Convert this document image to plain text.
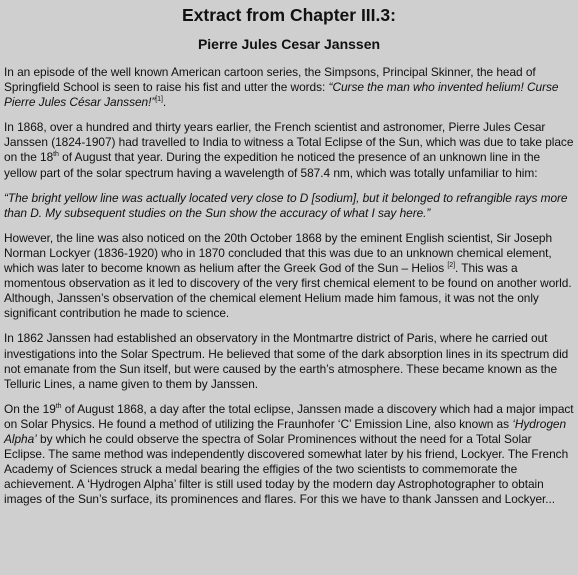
Extract from Chapter III.3:
Pierre Jules Cesar Janssen

In an episode of the well known American cartoon series, the Simpsons, Principal Skinner, the head of Springfield School is seen to raise his fist and utter the words: “Curse the man who invented helium! Curse Pierre Jules César Janssen!”[1].

In 1868, over a hundred and thirty years earlier, the French scientist and astronomer, Pierre Jules Cesar Janssen (1824-1907) had travelled to India to witness a Total Eclipse of the Sun, which was due to take place on the 18th of August that year. During the expedition he noticed the presence of an unknown line in the yellow part of the solar spectrum having a wavelength of 587.4 nm, which was totally unfamiliar to him:

“The bright yellow line was actually located very close to D [sodium], but it belonged to refrangible rays more than D. My subsequent studies on the Sun show the accuracy of what I say here.”

However, the line was also noticed on the 20th October 1868 by the eminent English scientist, Sir Joseph Norman Lockyer (1836-1920) who in 1870 concluded that this was due to an unknown chemical element, which was later to become known as helium after the Greek God of the Sun – Helios [2]. This was a momentous observation as it led to discovery of the very first chemical element to be found on another world. Although, Janssen’s observation of the chemical element Helium made him famous, it was not the only significant contribution he made to science.

In 1862 Janssen had established an observatory in the Montmartre district of Paris, where he carried out investigations into the Solar Spectrum. He believed that some of the dark absorption lines in its spectrum did not emanate from the Sun itself, but were caused by the earth’s atmosphere. These became known as the Telluric Lines, a name given to them by Janssen.

On the 19th of August 1868, a day after the total eclipse, Janssen made a discovery which had a major impact on Solar Physics. He found a method of utilizing the Fraunhofer ‘C’ Emission Line, also known as ‘Hydrogen Alpha’ by which he could observe the spectra of Solar Prominences without the need for a Total Solar Eclipse. The same method was independently discovered somewhat later by his friend, Lockyer. The French Academy of Sciences struck a medal bearing the effigies of the two scientists to commemorate the achievement. A ‘Hydrogen Alpha’ filter is still used today by the modern day Astrophotographer to obtain images of the Sun’s surface, its prominences and flares. For this we have to thank Janssen and Lockyer...
